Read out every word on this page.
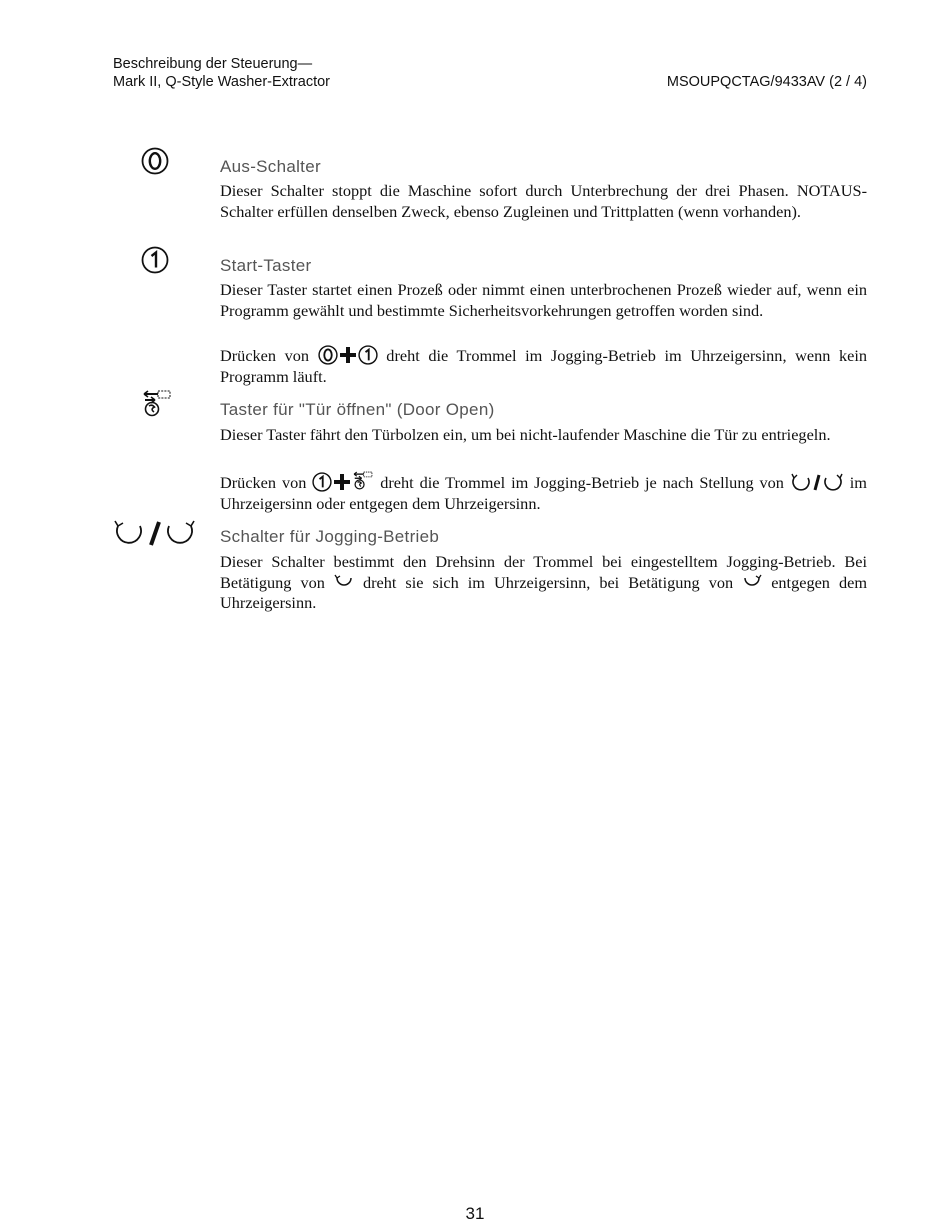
Beschreibung der Steuerung—
Mark II, Q-Style Washer-Extractor	MSOUPQCTAG/9433AV (2 / 4)
Aus-Schalter

Dieser Schalter stoppt die Maschine sofort durch Unterbrechung der drei Phasen. NOTAUS-Schalter erfüllen denselben Zweck, ebenso Zugleinen und Trittplatten (wenn vorhanden).

Start-Taster

Dieser Taster startet einen Prozeß oder nimmt einen unterbrochenen Prozeß wieder auf, wenn ein Programm gewählt und bestimmte Sicherheitsvorkehrungen getroffen worden sind.

Drücken von	dreht die Trommel im Jogging-Betrieb im Uhrzeigersinn, wenn kein Programm läuft.

Taster für "Tür öffnen" (Door Open)

Dieser Taster fährt den Türbolzen ein, um bei nicht-laufender Maschine die Tür zu entriegeln.

Drücken von	dreht die Trommel im Jogging-Betrieb je nach Stellung von	im Uhrzeigersinn oder entgegen dem Uhrzeigersinn.

Schalter für Jogging-Betrieb

Dieser Schalter bestimmt den Drehsinn der Trommel bei eingestelltem Jogging-Betrieb. Bei Betätigung von dreht sie sich im Uhrzeigersinn, bei Betätigung von entgegen dem Uhrzeigersinn.

31
